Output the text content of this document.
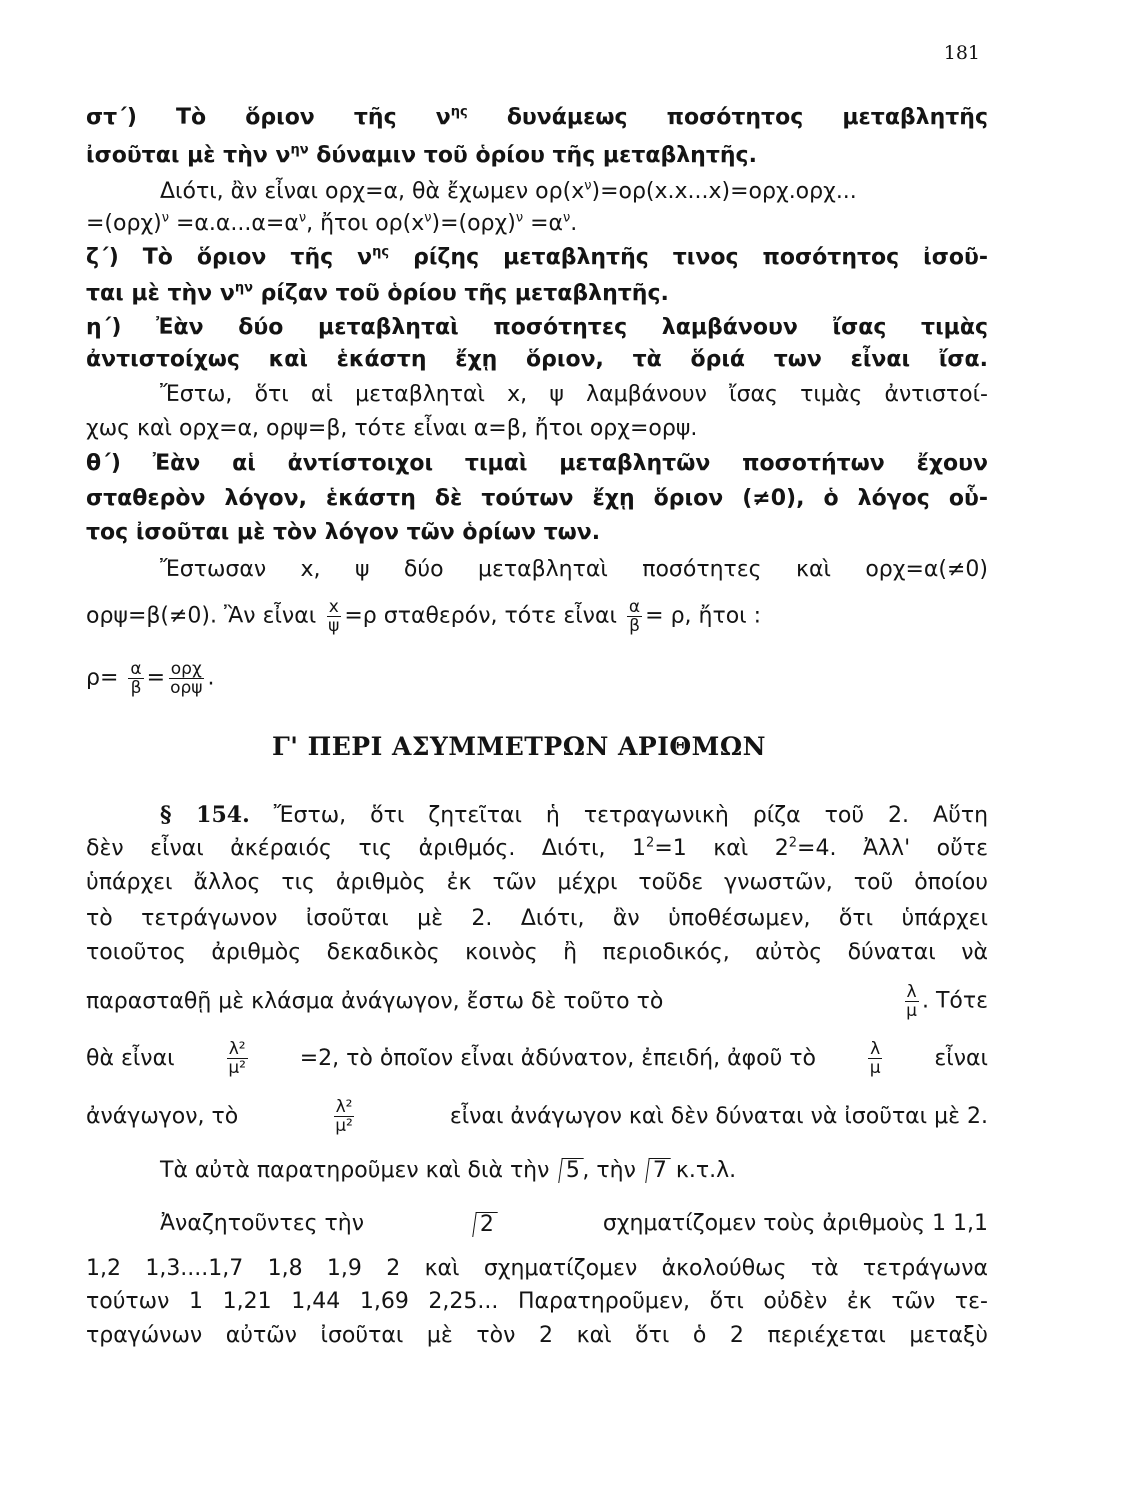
181
στ΄) Τὸ ὅριον τῆς $\nu^{\eta\varsigma}$ δυνάμεως ποσότητος μεταβλητῆς
ἰσοῦται μὲ τὴν $\nu^{\eta\nu}$ δύναμιν τοῦ ὁρίου τῆς μεταβλητῆς.
Διότι, ἂν εἶναι ορχ=α, θὰ ἔχωμεν $o\rho(x^\nu)=o\rho(x.x...x)=o\rho\chi.o\rho\chi$...
$=(o\rho\chi)^\nu =\alpha.\alpha...\alpha=\alpha^\nu$, ἤτοι $o\rho(x^\nu)=(o\rho\chi)^\nu =\alpha^\nu$.
ζ΄) Τὸ ὅριον τῆς $\nu^{\eta\varsigma}$ ρίζης μεταβλητῆς τινος ποσότητος ἰσοῦ-
ται μὲ τὴν $\nu^{\eta\nu}$ ρίζαν τοῦ ὁρίου τῆς μεταβλητῆς.
η΄) Ἐὰν δύο μεταβληταὶ ποσότητες λαμβάνουν ἴσας τιμὰς
ἀντιστοίχως καὶ ἑκάστη ἔχῃ ὅριον, τὰ ὅριά των εἶναι ἴσα.
Ἔστω, ὅτι αἱ μεταβληταὶ x, ψ λαμβάνουν ἴσας τιμὰς ἀντιστοί-
χως καὶ ορχ=α, ορψ=β, τότε εἶναι α=β, ἤτοι ορχ=ορψ.
θ΄) Ἐὰν αἱ ἀντίστοιχοι τιμαὶ μεταβλητῶν ποσοτήτων ἔχουν
σταθερὸν λόγον, ἑκάστη δὲ τούτων ἔχῃ ὅριον (≠0), ὁ λόγος οὗ-
τος ἰσοῦται μὲ τὸν λόγον τῶν ὁρίων των.
Ἔστωσαν x, ψ δύο μεταβληταὶ ποσότητες καὶ ορχ=α(≠0)
ορψ=β(≠0). Ἂν εἶναι $\frac{x}{\psi} =\rho$ σταθερόν, τότε εἶναι $\frac{\alpha}{\beta} = \rho$, ἤτοι :
$\rho= \frac{\alpha}{\beta} = \frac{\text{ορχ}}{\text{ορψ}}$ .
Γ' ΠΕΡΙ ΑΣΥΜΜΕΤΡΩΝ ΑΡΙΘΜΩΝ
§ 154. Ἔστω, ὅτι ζητεῖται ἡ τετραγωνικὴ ρίζα τοῦ 2. Αὕτη
δὲν εἶναι ἀκέραιός τις ἀριθμός. Διότι, $1^2=1$ καὶ $2^2=4$. Ἀλλ' οὔτε
ὑπάρχει ἄλλος τις ἀριθμὸς ἐκ τῶν μέχρι τοῦδε γνωστῶν, τοῦ ὁποίου
τὸ τετράγωνον ἰσοῦται μὲ 2. Διότι, ἂν ὑποθέσωμεν, ὅτι ὑπάρχει
τοιοῦτος ἀριθμὸς δεκαδικὸς κοινὸς ἢ περιοδικός, αὐτὸς δύναται νὰ
παρασταθῇ μὲ κλάσμα ἀνάγωγον, ἔστω δὲ τοῦτο τὸ	$\frac{\lambda}{\mu}$ . Τότε
θὰ εἶναι	$\frac{\text{λ²}}{\text{μ²}} =2$, τὸ ὁποῖον εἶναι ἀδύνατον, ἐπειδή, ἀφοῦ τὸ	$\frac{\lambda}{\mu}$ εἶναι
ἀνάγωγον, τὸ	$\frac{\text{λ²}}{\text{μ²}}$	εἶναι ἀνάγωγον καὶ δὲν δύναται νὰ ἰσοῦται μὲ 2.
Τὰ αὐτὰ παρατηροῦμεν καὶ διὰ τὴν 5, τὴν 7 κ.τ.λ.
Ἀναζητοῦντες τὴν	2	σχηματίζομεν τοὺς ἀριθμοὺς 1 1,1
1,2 1,3....1,7 1,8 1,9 2 καὶ σχηματίζομεν ἀκολούθως τὰ τετράγωνα
τούτων 1 1,21 1,44 1,69 2,25... Παρατηροῦμεν, ὅτι οὐδὲν ἐκ τῶν τε-
τραγώνων αὐτῶν ἰσοῦται μὲ τὸν 2 καὶ ὅτι ὁ 2 περιέχεται μεταξὺ
